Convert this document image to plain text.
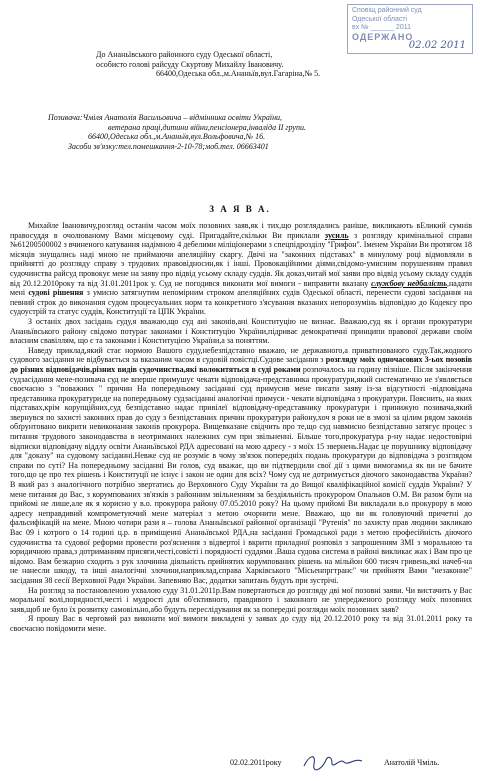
Сповіщ районний суд
Одеської області
вх № ______ 2011
ОДЕРЖАНО
02.02 2011
До Ананьївського районного суду Одеської області,
особисто голові райсуду Скуртову Михайлу Івановичу.
66400,Одеська обл.,м.Ананьїв,вул.Гагаріна,№ 5.
Позивача:Чміля Анатолія Васильовича – відмінника освіти України,
ветерана праці,дитини війни,пенсіонера,інваліда ІІ групи.
66400,Одеська обл.,м.Ананьїв,вул.Вольфовича,№ 16.
Засоби зв'язку:тел.помешкання-2-10-78;моб.тел. 06663401
З А Я В А.

Михайле Івановичу,розгляд останім часом моїх позовних заяв,як і тих,що розглядались раніше, викликають вЕликий сумнів правосуддя в очолюваному Вами місцевому суді. Пригадайте,скільки Ви приклали зусиль з розгляду кримінальної справи №61200500002 з вчиненого катування надімною 4 дебелими міліціонерами з спецпідрозділу "Грифон". Іменем України Ви протягом 18 місяців знущались наді мною не приймаючи апеляційну скаргу. Двічі на "законних підставах" в минулому році відмовляли в прийнятті до розгляду справу з трудових правовідносин,як і інші. Провокаційними діями,свідомо-умисним порушенням правил судочинства райсуд провокує мене на заяву про відвід усьому складу суддів. Як доказ,читай мої заяви про відвід усьому складу суддів від 20.12.2010року та від 31.01.2011рок у. Суд не погодився виконати мої вимоги - виправити вказану службову недбалість,надати мені судові рішення з умисно затягнутим непомірним строком апеляційних судів Одеської області, перенести судові засідання на певний строк до виконання судом процесуальних норм та конкретного з'ясування вказаних непорозумінь відповідно до Кодексу про судоустрій та статус суддів, Конституції та ЦПК України.

З останіх двох засідань суду,я вважаю,що суд ані законів,ані Конституцію не визнає. Вважаю,суд як і органи прокуратури Ананьївського району свідомо потурає законами і Конституцію України,підриває демократичні принципи правової держави своїм власним свавіллям, що є та законами і Конституцією України,а за поняттям.

Наведу приклад,який стає нормою Вашого суду,небезпідставно вважаю, не державного,а приватизованого суду.Так,жодного судового засідання не відбувається за вказаним часом в судовій повістці.Судове засідання з розгляду моїх одночасових 3-ьох позовів до різних відповідачів,різних видів судочинства,які волокитяться в суді роками розпочалось на годину пізніше. Після закінчення судзасідання мене-позивача суд не вперше примушує чекати відповідача-представника прокуратури,який систематично не з'являється своєчасно з "поважних " причин На попередньому засіданні суд примусив мене писати заяву із-за відсутності -відповідача представника прокуратури,це на попередньому судзасіданні аналогічні примуси - чекати відповідача з прокуратури. Пояснить, на яких підставах,крім корупційних,суд безпідставно надає привілеї відповідачу-представнику прокуратури і принижую позивача,який звернувся по захисті законних прав до суду з безпідставних причин прокуратури району,хоч я роки не в змозі за цілим рядом законів обґрунтовано викрити невиконання законів прокурора. Вищевказане свідчить про те,що суд навмисно безпідставно затягує процес з питання трудового законодавства в неотриманих належних сум при звільненні. Більше того,прокуратура р-ну надає недостовірні відписки відповідачу віддлу освіти Ананьївської РДА адресовані на мою адресу - з моїх 15 звернень.Надає це порушнику відповідачу для "доказу" на судовому засіданні.Невже суд не розуміє в чому зв'язок попередніх подань прокуратури до відповідача з розглядом справи по суті? На попередньому засіданні Ви голов, суд вважає, що ви підтвердили свої дії з цими вимогами,а як ви не бачите того,що це про тех рішень і Конституції не існує і закон не один для всіх? Чому суд не дотримується діючого законодавства України? В який раз з аналогічного потрібно звертатись до Верховного Суду України та до Вищої кваліфікаційної комісії суддів України? У мене питання до Вас, з корумпованих зв'язків з районним звільненням за бездіяльність прокурором Опальков О.М. Ви разом були на прийомі не лише,але як я корисно у в.о. прокурора району 07.05.2010 року? На цьому прийомі Ви викладали в.о прокурору в мою адресу неправдивий компрометуючий мене матеріал з метою очорнити мене. Вважаю, що ви як головуючий причетні до фальсифікацій на мене. Мною чотири рази я – голова Ананьївської районної організації "Рутенія" по захисту прав людини закликаю Вас 09 і котрого о 14 годині ц.р. в приміщенні Ананьївської РДА,на засіданні Громадської ради з метою професійність діючого судочинства та судової реформи провести роз'яснення з відвертої і вкрити приладної розповіл з запрошенням ЗМІ з моральною та юридичною права,з дотриманням присяги,честі,совісті і порядності суддями .Ваша судова система в районі викликає жах і Вам про це відомо. Вам безкарно сходить з рук злочинна діяльність прийнятих корумпованих рішень на мільйон 600 тисяч гривень,які начеб-на не нанесли шкоду, та інші аналогічні злочини,наприклад,справа Харківського "Місьенпргтранс" чи прийнятя Вами "незаконне" засідання 38 сесії Верховної Ради України. Запевняю Вас, додатки запитань будуть при зустрічі.

На розгляд за постановленою ухвалою суду 31.01.2011р.Вам повертаються до розгляду дві мої позовні заяви. Чи вистачить у Вас моральної волі,порядності,честі і мудрості для об'єктивного, правдивого і законного не упередженого розгляду моїх позовних заяв,щоб не було їх розвитку самовільно,або будуть переслідування як за попередні розгляди моїх позовних заяв?

Я прошу Вас в черговий раз виконати мої вимоги викладені у заявах до суду від 20.12.2010 року та від 31.01.2011 року та своєчасно повідомити мене.

02.02.2011року	Анатолій Чміль.
